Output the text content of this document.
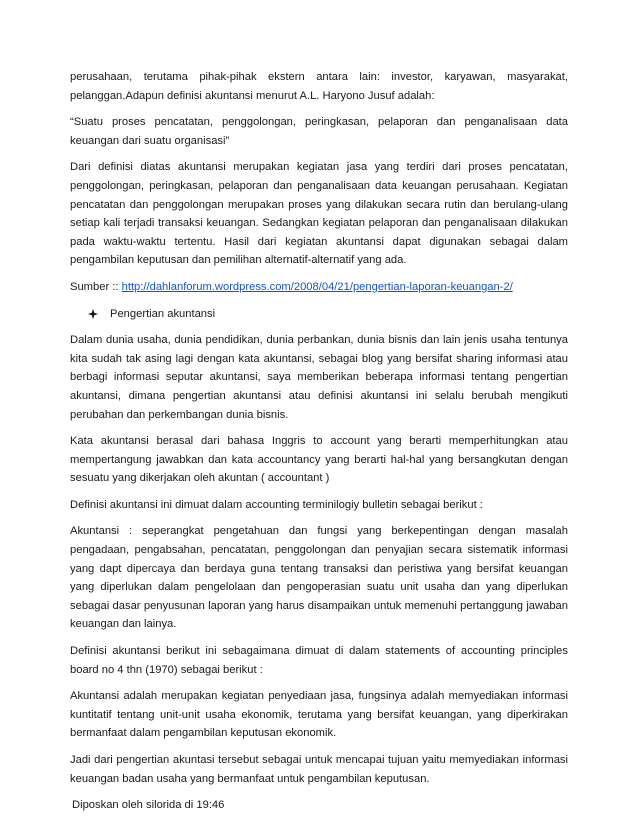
perusahaan, terutama pihak-pihak ekstern antara lain: investor, karyawan, masyarakat, pelanggan.Adapun definisi akuntansi menurut A.L. Haryono Jusuf adalah:

“Suatu proses pencatatan, penggolongan, peringkasan, pelaporan dan penganalisaan data keuangan dari suatu organisasi”

Dari definisi diatas akuntansi merupakan kegiatan jasa yang terdiri dari proses pencatatan, penggolongan, peringkasan, pelaporan dan penganalisaan data keuangan perusahaan. Kegiatan pencatatan dan penggolongan merupakan proses yang dilakukan secara rutin dan berulang-ulang setiap kali terjadi transaksi keuangan. Sedangkan kegiatan pelaporan dan penganalisaan dilakukan pada waktu-waktu tertentu. Hasil dari kegiatan akuntansi dapat digunakan sebagai dalam pengambilan keputusan dan pemilihan alternatif-alternatif yang ada.

Sumber :: http://dahlanforum.wordpress.com/2008/04/21/pengertian-laporan-keuangan-2/

Pengertian akuntansi

Dalam dunia usaha, dunia pendidikan, dunia perbankan, dunia bisnis dan lain jenis usaha tentunya kita sudah tak asing lagi dengan kata akuntansi, sebagai blog yang bersifat sharing informasi atau berbagi informasi seputar akuntansi, saya memberikan beberapa informasi tentang pengertian akuntansi, dimana pengertian akuntansi atau definisi akuntansi ini selalu berubah mengikuti perubahan dan perkembangan dunia bisnis.

Kata akuntansi berasal dari bahasa Inggris to account yang berarti memperhitungkan atau mempertangung jawabkan dan kata accountancy yang berarti hal-hal yang bersangkutan dengan sesuatu yang dikerjakan oleh akuntan ( accountant )

Definisi akuntansi ini dimuat dalam accounting terminilogiy bulletin sebagai berikut :

Akuntansi : seperangkat pengetahuan dan fungsi yang berkepentingan dengan masalah pengadaan, pengabsahan, pencatatan, penggolongan dan penyajian secara sistematik informasi yang dapt dipercaya dan berdaya guna tentang transaksi dan peristiwa yang bersifat keuangan yang diperlukan dalam pengelolaan dan pengoperasian suatu unit usaha dan yang diperlukan sebagai dasar penyusunan laporan yang harus disampaikan untuk memenuhi pertanggung jawaban keuangan dan lainya.

Definisi akuntansi berikut ini sebagaimana dimuat di dalam statements of accounting principles board no 4 thn (1970) sebagai berikut :

Akuntansi adalah merupakan kegiatan penyediaan jasa, fungsinya adalah memyediakan informasi kuntitatif tentang unit-unit usaha ekonomik, terutama yang bersifat keuangan, yang diperkirakan bermanfaat dalam pengambilan keputusan ekonomik.

Jadi dari pengertian akuntasi tersebut sebagai untuk mencapai tujuan yaitu memyediakan informasi keuangan badan usaha yang bermanfaat untuk pengambilan keputusan.

Diposkan oleh silorida di 19:46
